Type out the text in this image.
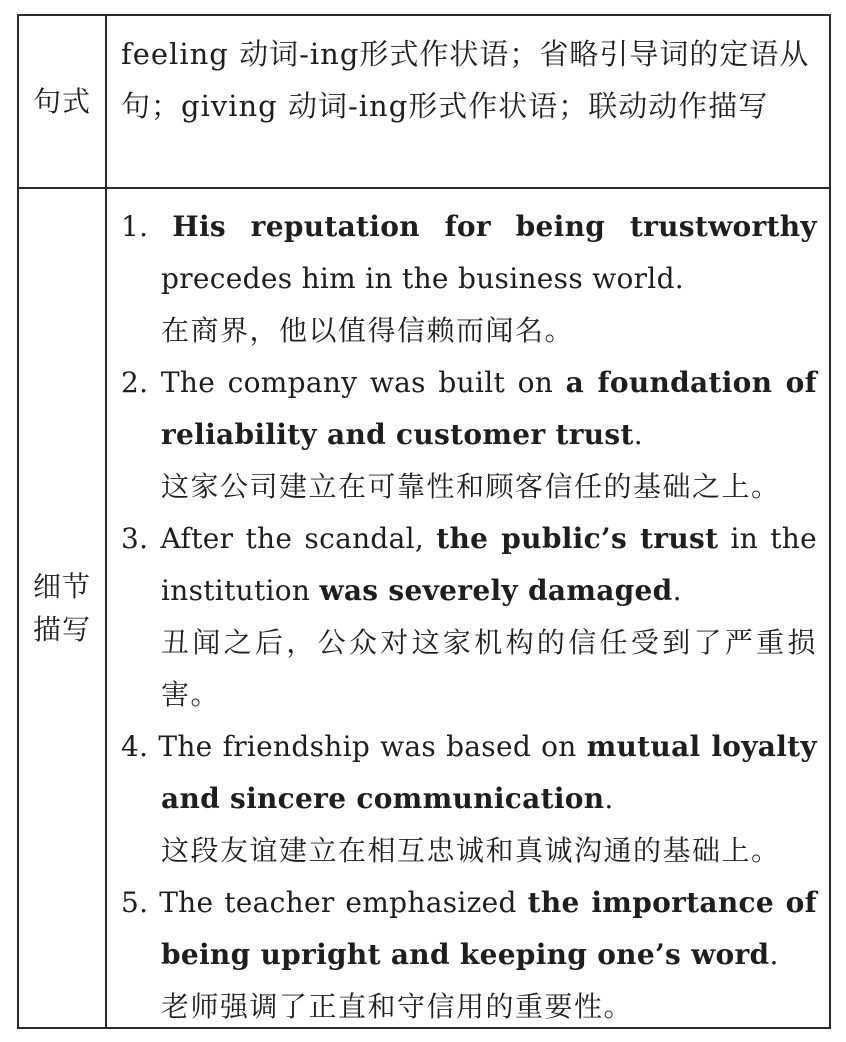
句式
feeling 动词-ing形式作状语；省略引导词的定语从句；giving 动词-ing形式作状语；联动动作描写
细节
描写
1. His reputation for being trustworthy precedes him in the business world.
在商界，他以值得信赖而闻名。
2. The company was built on a foundation of reliability and customer trust.
这家公司建立在可靠性和顾客信任的基础之上。
3. After the scandal, the public’s trust in the institution was severely damaged.
丑闻之后，公众对这家机构的信任受到了严重损害。
4. The friendship was based on mutual loyalty and sincere communication.
这段友谊建立在相互忠诚和真诚沟通的基础上。
5. The teacher emphasized the importance of being upright and keeping one’s word.
老师强调了正直和守信用的重要性。
